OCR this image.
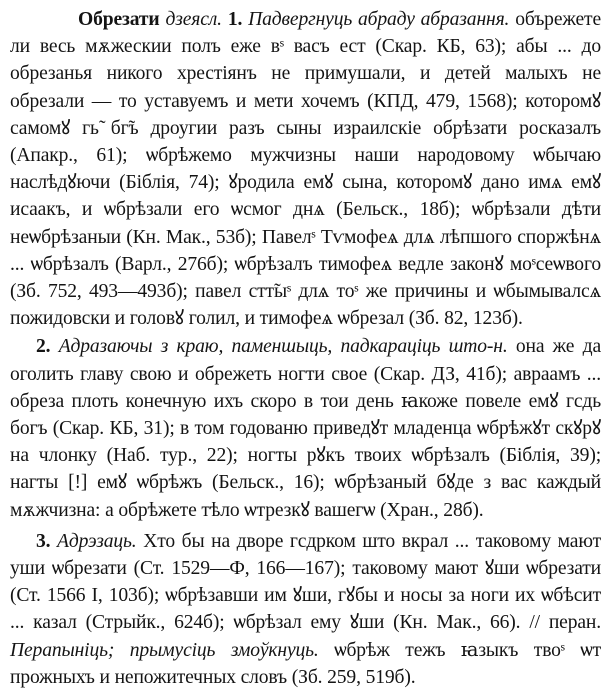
Обрезати дзеясл. 1. Падвергнуць абраду абразання. обърежете ли весь мѫжескии полъ еже вˢ васъ ест (Скар. КБ, 63); абы ... до обрезанья никого хрестіянъ не примушали, и детей малыхъ не обрезали — то уставуемъ и мети хочемъ (КПД, 479, 1568); которомꙋ самомꙋ гь̃ бг̃ъ дроугии разъ сыны израилскіе обрѣзати росказалъ (Апакр., 61); ѡбрѣжемо мужчизны наши народовому ѡбычаю наслѣдꙋючи (Біблія, 74); ꙋродила емꙋ сына, которомꙋ дано имѧ емꙋ исаакъ, и ѡбрѣзали его ѡсмог днѧ (Бельск., 18б); ѡбрѣзали дѣти неѡбрѣзаныи (Кн. Мак., 53б); Павелˢ Тѵмофеѧ длѧ лѣпшого споржѣнѧ ... ѡбрѣзалъ (Варл., 276б); ѡбрѣзалъ тимофеѧ ведле законꙋ моˢсеѡвого (Зб. 752, 493—493б); павел стт̃ыˢ длѧ тоˢ же причины и ѡбымывалсѧ пожидовски и головꙋ голил, и тимофеѧ ѡбрезал (Зб. 82, 123б).

2. Адразаючы з краю, паменшыць, падкараціць што-н. она же да оголить главу свою и обрежеть ногти свое (Скар. ДЗ, 41б); авраамъ ... обреза плоть конечную ихъ скоро в тои день ꙗкоже повеле емꙋ гсдь богъ (Скар. КБ, 31); в том годованю приведꙋт младенца ѡбрѣжꙋт скꙋрꙋ на члонку (Наб. тур., 22); ногты рꙋкъ твоих ѡбрѣзалъ (Біблія, 39); нагты [!] емꙋ ѡбрѣжъ (Бельск., 16); ѡбрѣзаный бꙋде з вас каждый мѫжчизна: а обрѣжете тѣло ѡтрезкꙋ вашегѡ (Хран., 28б).

3. Адрэзаць. Хто бы на дворе гсдрком што вкрал ... таковому мают уши ѡбрезати (Ст. 1529—Ф, 166—167); таковому мают ꙋши ѡбрезати (Ст. 1566 I, 103б); ѡбрѣзавши им ꙋши, гꙋбы и носы за ноги их ѡбѣсит ... казал (Стрыйк., 624б); ѡбрѣзал ему ꙋши (Кн. Мак., 66). // перан. Перапыніць; прымусіць змоўкнуць. ѡбрѣж тежъ ꙗзыкъ твоˢ ѡт прожныхъ и непожитечных словъ (Зб. 259, 519б).
